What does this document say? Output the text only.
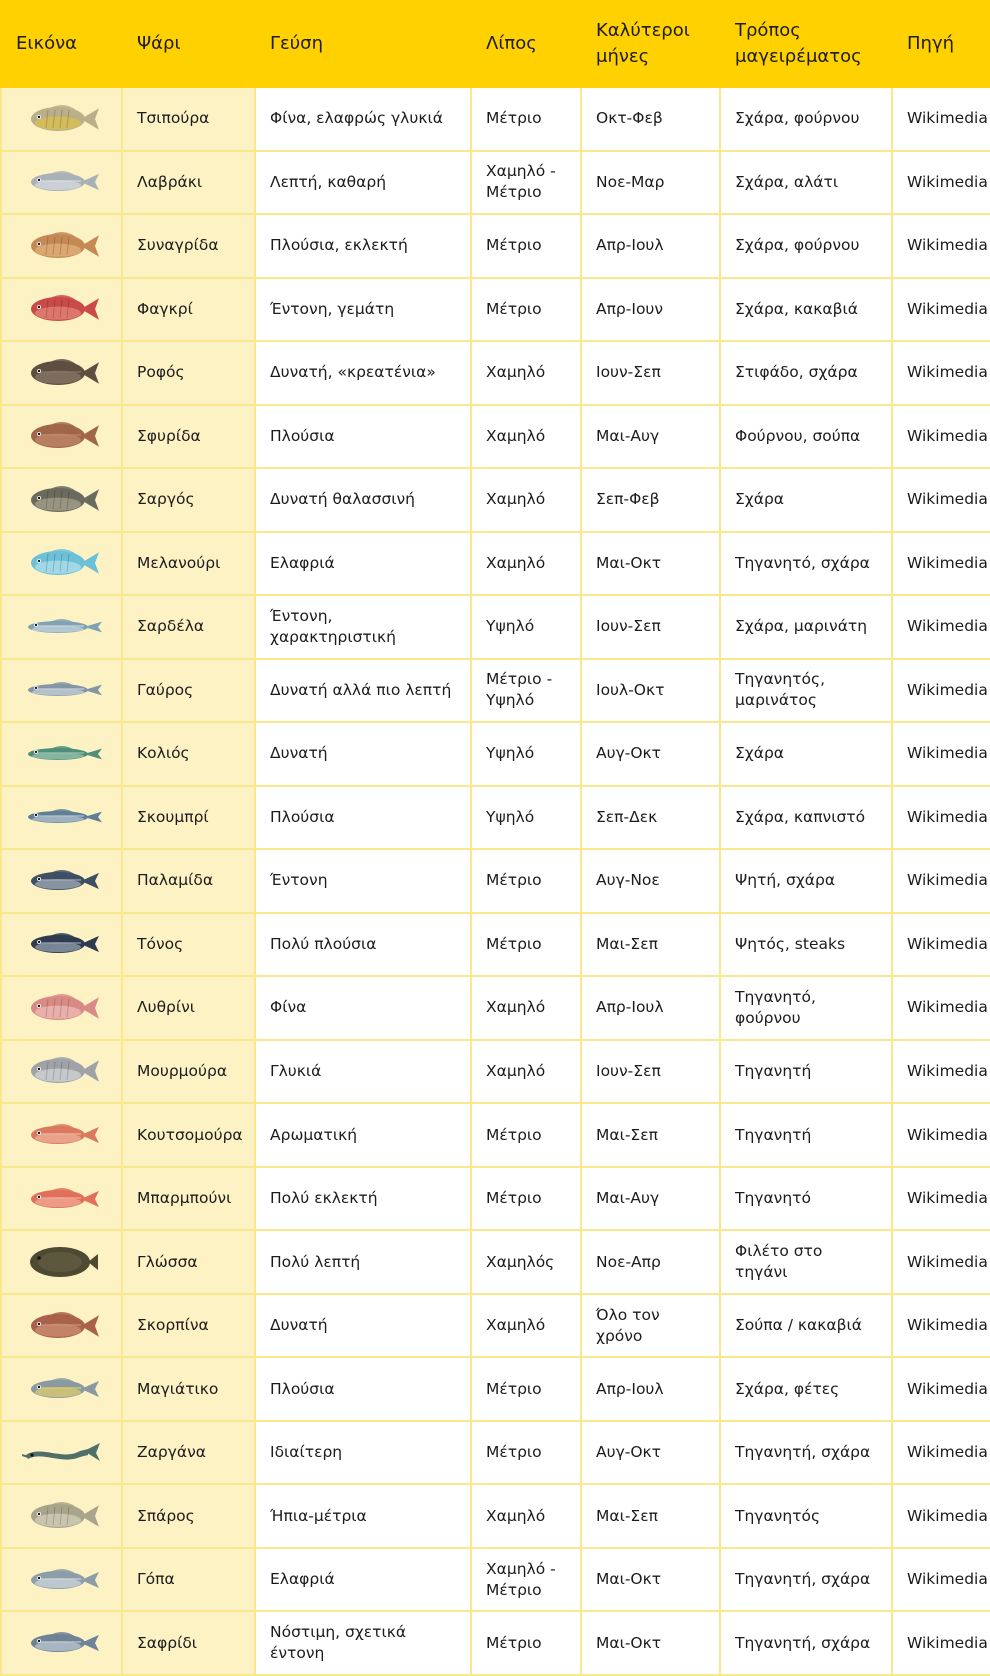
Εικόνα	Ψάρι	Γεύση	Λίπος	Καλύτεροι μήνες	Τρόπος μαγειρέματος	Πηγή

	Τσιπούρα	Φίνα, ελαφρώς γλυκιά	Μέτριο	Οκτ-Φεβ	Σχάρα, φούρνου	Wikimedia

	Λαβράκι	Λεπτή, καθαρή	Χαμηλό - Μέτριο	Νοε-Μαρ	Σχάρα, αλάτι	Wikimedia

	Συναγρίδα	Πλούσια, εκλεκτή	Μέτριο	Απρ-Ιουλ	Σχάρα, φούρνου	Wikimedia

	Φαγκρί	Έντονη, γεμάτη	Μέτριο	Απρ-Ιουν	Σχάρα, κακαβιά	Wikimedia

	Ροφός	Δυνατή, «κρεατένια»	Χαμηλό	Ιουν-Σεπ	Στιφάδο, σχάρα	Wikimedia

	Σφυρίδα	Πλούσια	Χαμηλό	Μαι-Αυγ	Φούρνου, σούπα	Wikimedia

	Σαργός	Δυνατή θαλασσινή	Χαμηλό	Σεπ-Φεβ	Σχάρα	Wikimedia

	Μελανούρι	Ελαφριά	Χαμηλό	Μαι-Οκτ	Τηγανητό, σχάρα	Wikimedia

	Σαρδέλα	Έντονη, χαρακτηριστική	Υψηλό	Ιουν-Σεπ	Σχάρα, μαρινάτη	Wikimedia

	Γαύρος	Δυνατή αλλά πιο λεπτή	Μέτριο - Υψηλό	Ιουλ-Οκτ	Τηγανητός, μαρινάτος	Wikimedia

	Κολιός	Δυνατή	Υψηλό	Αυγ-Οκτ	Σχάρα	Wikimedia

	Σκουμπρί	Πλούσια	Υψηλό	Σεπ-Δεκ	Σχάρα, καπνιστό	Wikimedia

	Παλαμίδα	Έντονη	Μέτριο	Αυγ-Νοε	Ψητή, σχάρα	Wikimedia

	Τόνος	Πολύ πλούσια	Μέτριο	Μαι-Σεπ	Ψητός, steaks	Wikimedia

	Λυθρίνι	Φίνα	Χαμηλό	Απρ-Ιουλ	Τηγανητό, φούρνου	Wikimedia

	Μουρμούρα	Γλυκιά	Χαμηλό	Ιουν-Σεπ	Τηγανητή	Wikimedia

	Κουτσομούρα	Αρωματική	Μέτριο	Μαι-Σεπ	Τηγανητή	Wikimedia

	Μπαρμπούνι	Πολύ εκλεκτή	Μέτριο	Μαι-Αυγ	Τηγανητό	Wikimedia

	Γλώσσα	Πολύ λεπτή	Χαμηλός	Νοε-Απρ	Φιλέτο στο τηγάνι	Wikimedia

	Σκορπίνα	Δυνατή	Χαμηλό	Όλο τον χρόνο	Σούπα / κακαβιά	Wikimedia

	Μαγιάτικο	Πλούσια	Μέτριο	Απρ-Ιουλ	Σχάρα, φέτες	Wikimedia

	Ζαργάνα	Ιδιαίτερη	Μέτριο	Αυγ-Οκτ	Τηγανητή, σχάρα	Wikimedia

	Σπάρος	Ήπια-μέτρια	Χαμηλό	Μαι-Σεπ	Τηγανητός	Wikimedia

	Γόπα	Ελαφριά	Χαμηλό - Μέτριο	Μαι-Οκτ	Τηγανητή, σχάρα	Wikimedia

	Σαφρίδι	Νόστιμη, σχετικά έντονη	Μέτριο	Μαι-Οκτ	Τηγανητή, σχάρα	Wikimedia
